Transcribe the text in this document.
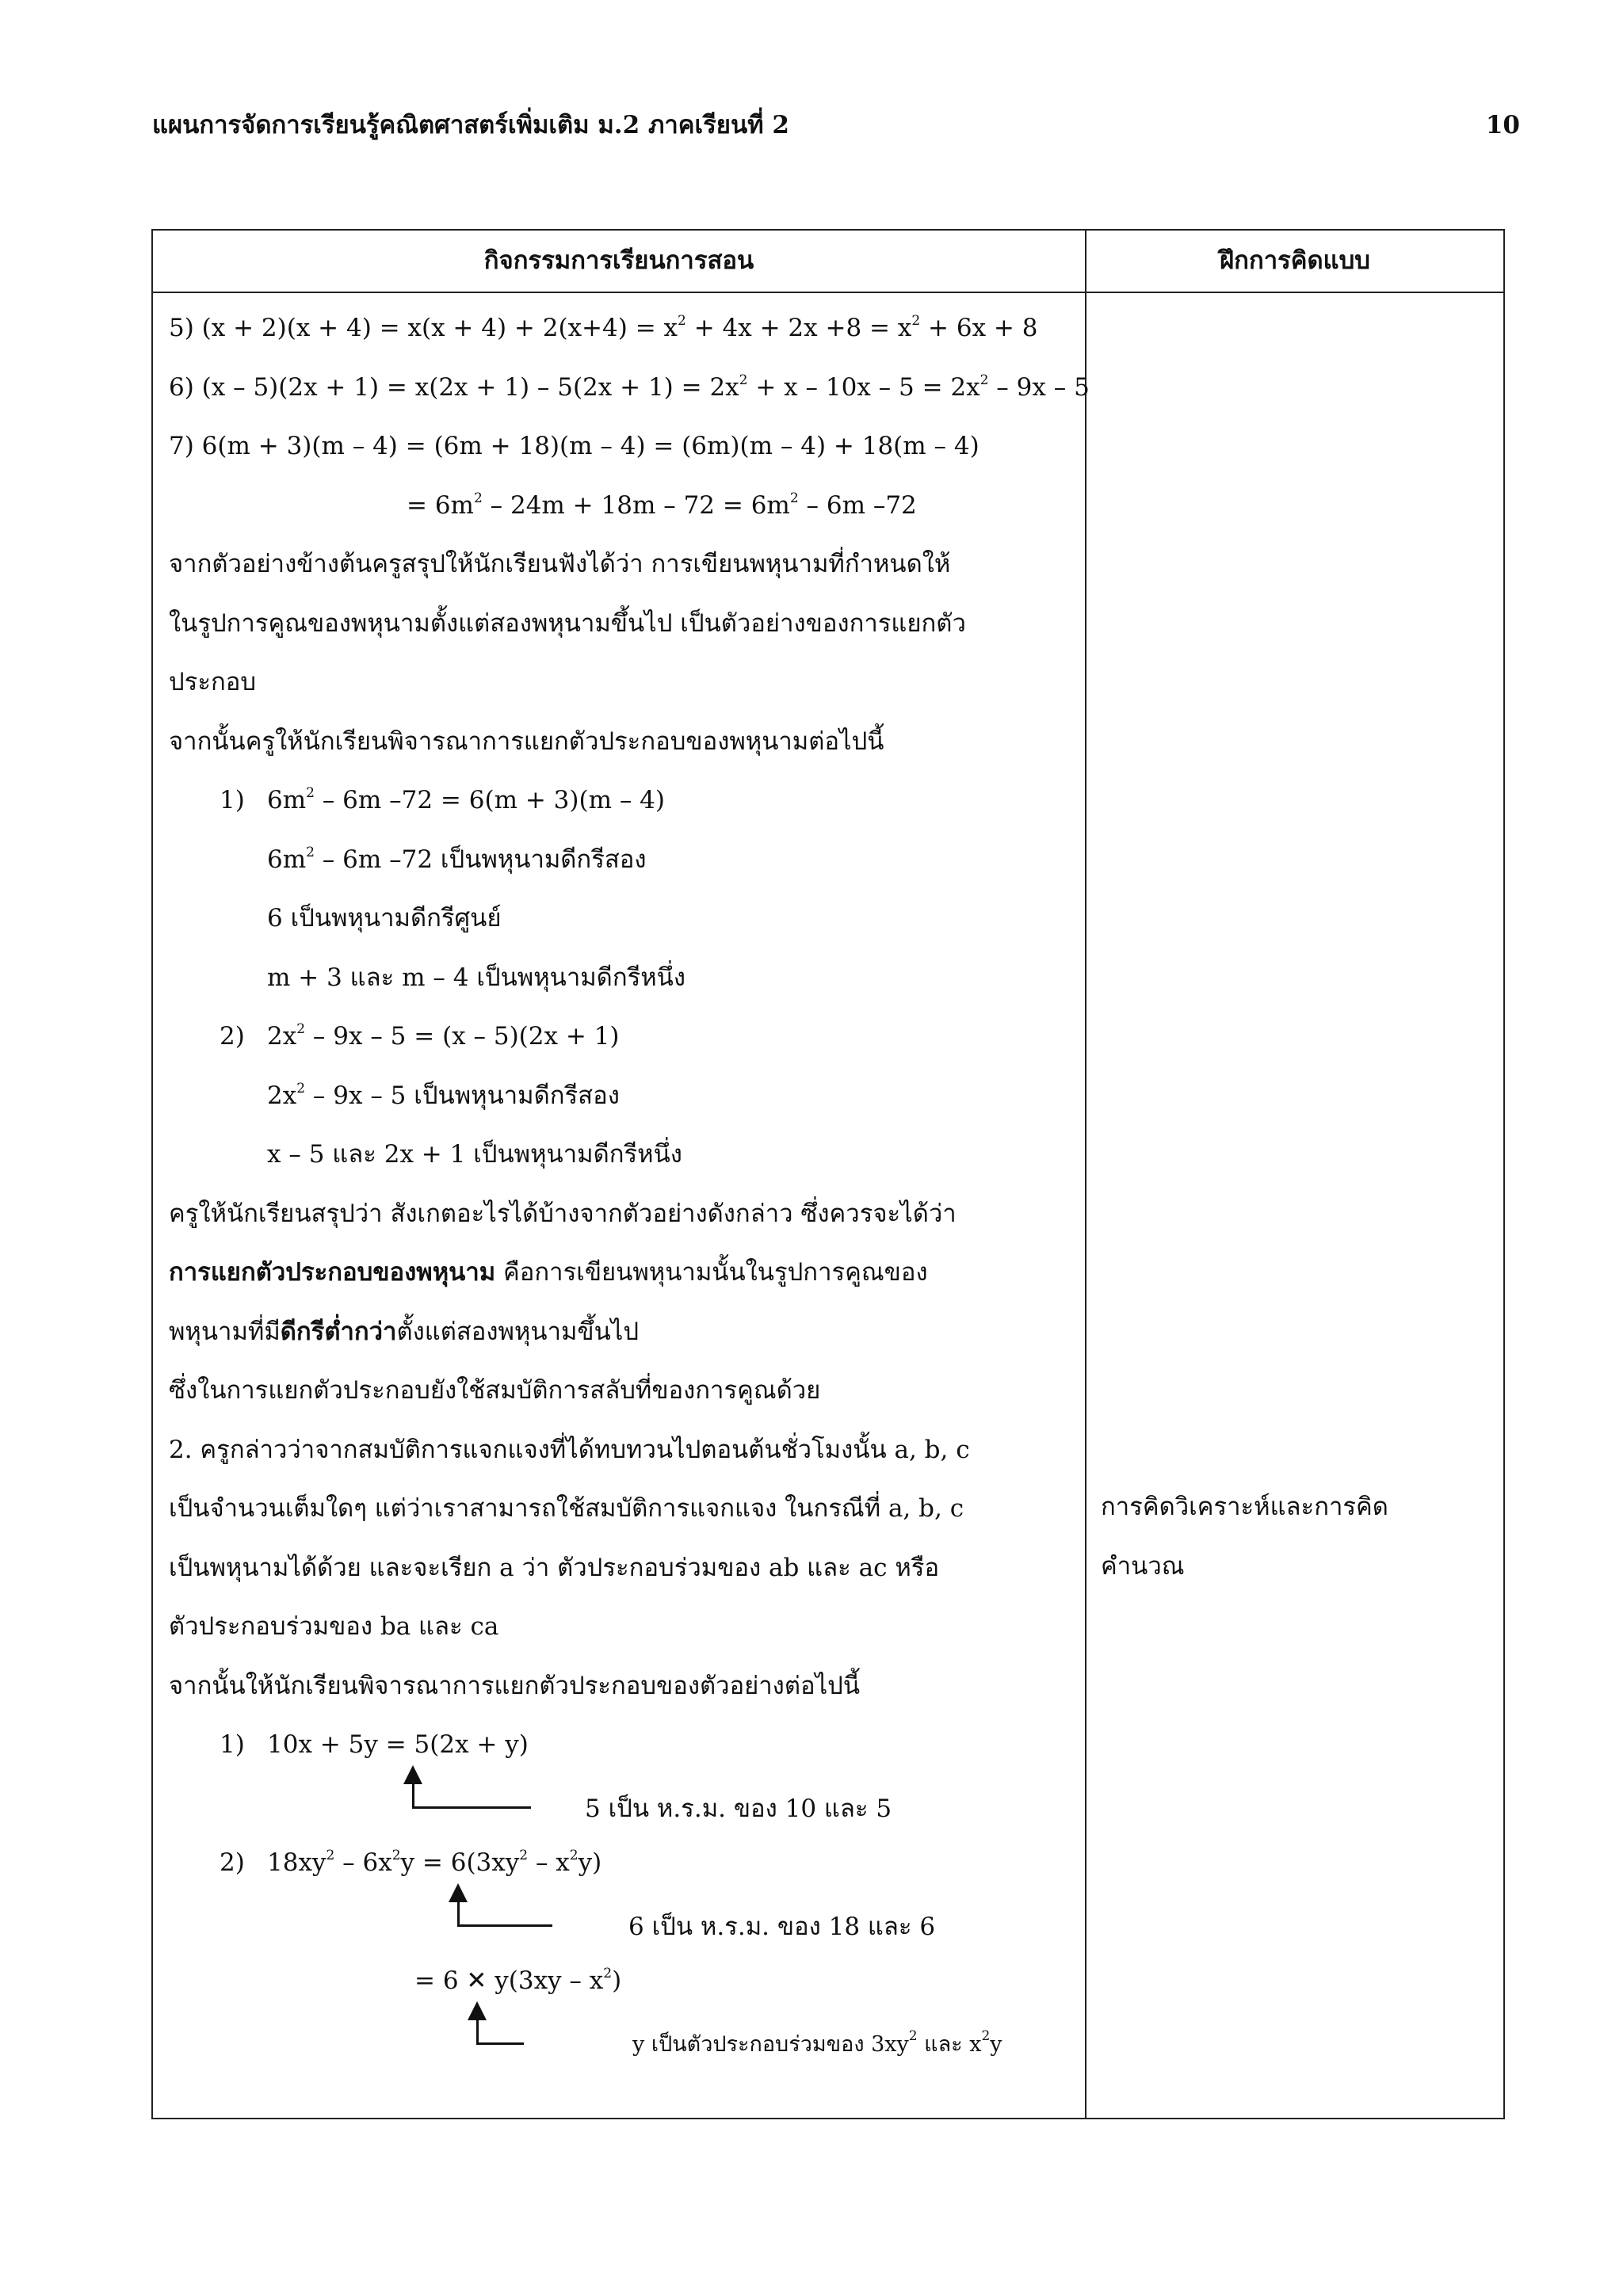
แผนการจัดการเรียนรู้คณิตศาสตร์เพิ่มเติม ม.2 ภาคเรียนที่ 2	10
กิจกรรมการเรียนการสอน	ฝึกการคิดแบบ
5) $(x + 2)(x + 4) = x(x + 4) + 2(x+4) = x^2 + 4x + 2x +8 = x^2 + 6x + 8$
6) $(x - 5)(2x + 1) = x(2x + 1) - 5(2x + 1) = 2x^2 + x - 10x - 5 = 2x^2 - 9x - 5$
7) 6(m + 3)(m – 4) = (6m + 18)(m – 4) = (6m)(m – 4) + 18(m – 4)
= $6m^2 - 24m + 18m - 72 = 6m^2 - 6m$ –72
จากตัวอย่างข้างต้นครูสรุปให้นักเรียนฟังได้ว่า การเขียนพหุนามที่กำหนดให้
ในรูปการคูณของพหุนามตั้งแต่สองพหุนามขึ้นไป เป็นตัวอย่างของการแยกตัว
ประกอบ
จากนั้นครูให้นักเรียนพิจารณาการแยกตัวประกอบของพหุนามต่อไปนี้
1) $6m^2 - 6m$ –72 = 6(m + 3)(m – 4)
$6m^2 - 6m$ –72 เป็นพหุนามดีกรีสอง
6 เป็นพหุนามดีกรีศูนย์
m + 3 และ m – 4 เป็นพหุนามดีกรีหนึ่ง
2) $2x^2 - 9x - 5 = (x - 5)(2x + 1)$
$2x^2 - 9x - 5$ เป็นพหุนามดีกรีสอง
x – 5 และ 2x + 1 เป็นพหุนามดีกรีหนึ่ง
ครูให้นักเรียนสรุปว่า สังเกตอะไรได้บ้างจากตัวอย่างดังกล่าว ซึ่งควรจะได้ว่า
การแยกตัวประกอบของพหุนาม คือการเขียนพหุนามนั้นในรูปการคูณของ
พหุนามที่มีดีกรีต่ำกว่าตั้งแต่สองพหุนามขึ้นไป
ซึ่งในการแยกตัวประกอบยังใช้สมบัติการสลับที่ของการคูณด้วย
2. ครูกล่าวว่าจากสมบัติการแจกแจงที่ได้ทบทวนไปตอนต้นชั่วโมงนั้น a, b, c
เป็นจำนวนเต็มใดๆ แต่ว่าเราสามารถใช้สมบัติการแจกแจง ในกรณีที่ a, b, c
เป็นพหุนามได้ด้วย และจะเรียก a ว่า ตัวประกอบร่วมของ ab และ ac หรือ
ตัวประกอบร่วมของ ba และ ca
จากนั้นให้นักเรียนพิจารณาการแยกตัวประกอบของตัวอย่างต่อไปนี้
1) 10x + 5y = 5(2x + y)
5 เป็น ห.ร.ม. ของ 10 และ 5
2) $18xy^2 - 6x^2y = 6(3xy^2 - x^2y)$
6 เป็น ห.ร.ม. ของ 18 และ 6
= 6 ✕ $y(3xy - x^2)$
y เป็นตัวประกอบร่วมของ $3xy^2$ และ $x^2y$
การคิดวิเคราะห์และการคิด
คำนวณ
